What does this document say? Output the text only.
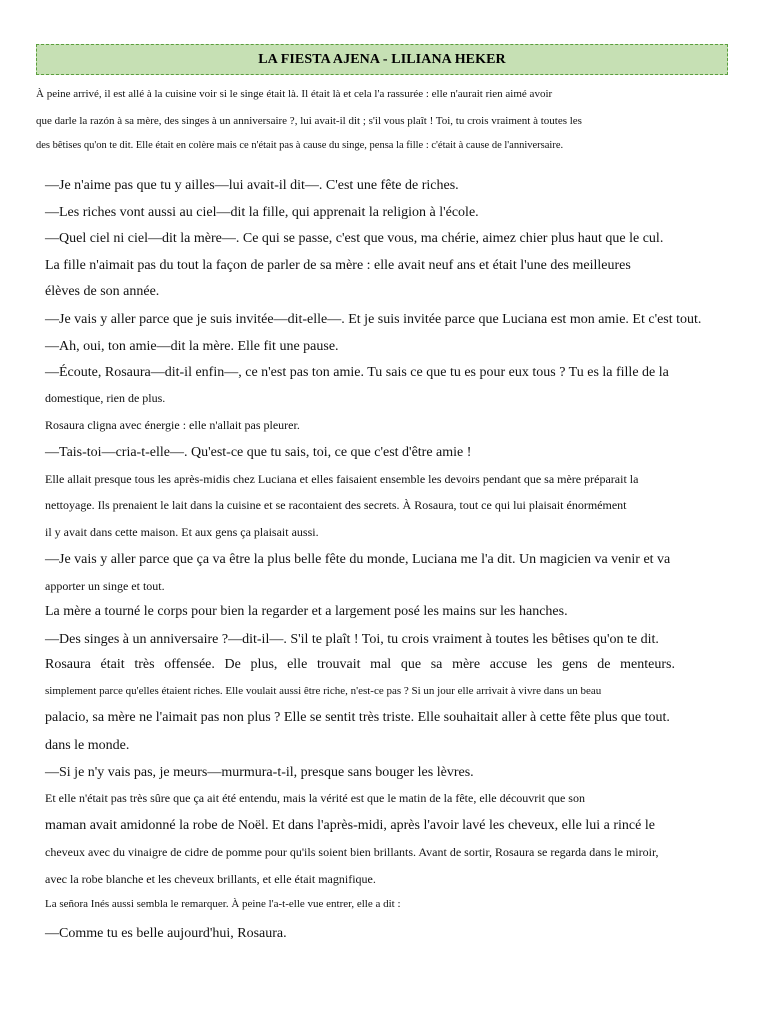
LA FIESTA AJENA - LILIANA HEKER
À peine arrivé, il est allé à la cuisine voir si le singe était là. Il était là et cela l'a rassurée : elle n'aurait rien aimé avoir
que darle la razón à sa mère, des singes à un anniversaire ?, lui avait-il dit ; s'il vous plaît ! Toi, tu crois vraiment à toutes les
des bêtises qu'on te dit. Elle était en colère mais ce n'était pas à cause du singe, pensa la fille : c'était à cause de l'anniversaire.
—Je n'aime pas que tu y ailles—lui avait-il dit—. C'est une fête de riches.
—Les riches vont aussi au ciel—dit la fille, qui apprenait la religion à l'école.
—Quel ciel ni ciel—dit la mère—. Ce qui se passe, c'est que vous, ma chérie, aimez chier plus haut que le cul.
La fille n'aimait pas du tout la façon de parler de sa mère : elle avait neuf ans et était l'une des meilleures
élèves de son année.
—Je vais y aller parce que je suis invitée—dit-elle—. Et je suis invitée parce que Luciana est mon amie. Et c'est tout.
—Ah, oui, ton amie—dit la mère. Elle fit une pause.
—Écoute, Rosaura—dit-il enfin—, ce n'est pas ton amie. Tu sais ce que tu es pour eux tous ? Tu es la fille de la
domestique, rien de plus.
Rosaura cligna avec énergie : elle n'allait pas pleurer.
—Tais-toi—cria-t-elle—. Qu'est-ce que tu sais, toi, ce que c'est d'être amie !
Elle allait presque tous les après-midis chez Luciana et elles faisaient ensemble les devoirs pendant que sa mère préparait la
nettoyage. Ils prenaient le lait dans la cuisine et se racontaient des secrets. À Rosaura, tout ce qui lui plaisait énormément
il y avait dans cette maison. Et aux gens ça plaisait aussi.
—Je vais y aller parce que ça va être la plus belle fête du monde, Luciana me l'a dit. Un magicien va venir et va
apporter un singe et tout.
La mère a tourné le corps pour bien la regarder et a largement posé les mains sur les hanches.
—Des singes à un anniversaire ?—dit-il—. S'il te plaît ! Toi, tu crois vraiment à toutes les bêtises qu'on te dit.
Rosaura était très offensée. De plus, elle trouvait mal que sa mère accuse les gens de menteurs.
simplement parce qu'elles étaient riches. Elle voulait aussi être riche, n'est-ce pas ? Si un jour elle arrivait à vivre dans un beau
palacio, sa mère ne l'aimait pas non plus ? Elle se sentit très triste. Elle souhaitait aller à cette fête plus que tout.
dans le monde.
—Si je n'y vais pas, je meurs—murmura-t-il, presque sans bouger les lèvres.
Et elle n'était pas très sûre que ça ait été entendu, mais la vérité est que le matin de la fête, elle découvrit que son
maman avait amidonné la robe de Noël. Et dans l'après-midi, après l'avoir lavé les cheveux, elle lui a rincé le
cheveux avec du vinaigre de cidre de pomme pour qu'ils soient bien brillants. Avant de sortir, Rosaura se regarda dans le miroir,
avec la robe blanche et les cheveux brillants, et elle était magnifique.
La señora Inés aussi sembla le remarquer. À peine l'a-t-elle vue entrer, elle a dit :
—Comme tu es belle aujourd'hui, Rosaura.
